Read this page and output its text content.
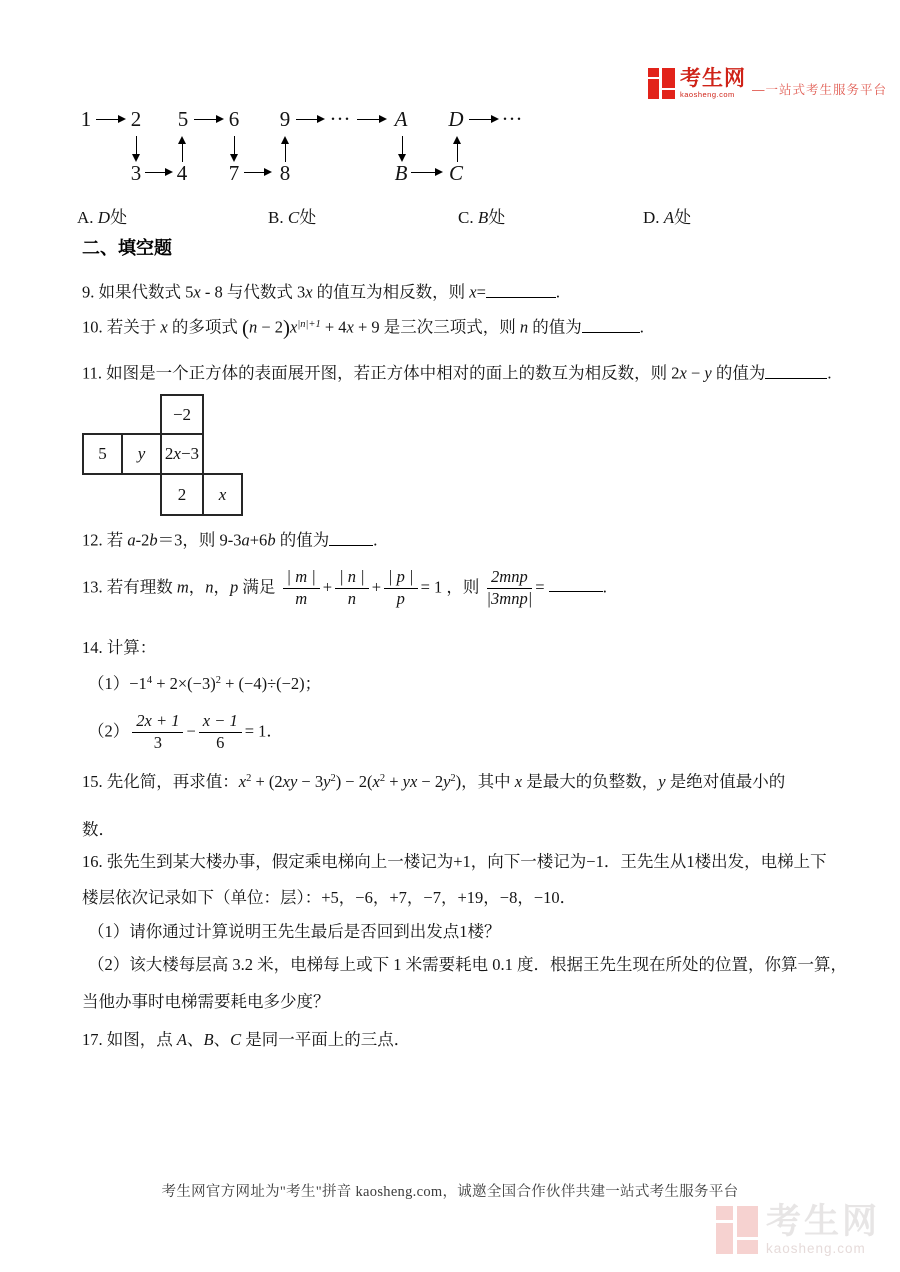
考生网
kaosheng.com	—一站式考生服务平台
1 2 5 6 9 ··· A D ···
3 4 7 8	B C
A. D处	B. C处	C. B处	D. A处
二、填空题
9. 如果代数式 5x - 8 与代数式 3x 的值互为相反数，则 x=	.
10. 若关于 x 的多项式 $(n - 2)x^{|n|+1} + 4x + 9$ 是三次三项式，则 n 的值为	.
11. 如图是一个正方体的表面展开图，若正方体中相对的面上的数互为相反数，则 2x − y 的值为	.
−2
5 y 2 x −3
2 x
12. 若 a-2b＝3，则 9-3a+6b 的值为	.
13. 若有理数 m，n，p 满足 $\frac{| m |}{m} + \frac{| n |}{n} + \frac{| p |}{p} = 1$ ，则 $\frac{\text{2mnp}}{\text{|3mnp|}}$ =	.
14. 计算：
$(1)-1^4 + 2\times(-3)^2 + (-4)\div(-2)$；
$(2) \frac{2x + 1}{3} - \frac{x - 1}{6} = 1$．
15. 先化简，再求值：$x^2 + (2xy - 3y^2) - 2(x^2$ + yx − $2y^2$)，其中 x 是最大的负整数，y 是绝对值最小的
数．
16. 张先生到某大楼办事，假定乘电梯向上一楼记为+1，向下一楼记为−1．王先生从1楼出发，电梯上下
楼层依次记录如下（单位：层）：+5，−6，+7，−7，+19，−8，−10．
（1）请你通过计算说明王先生最后是否回到出发点1楼？
（2）该大楼每层高 3.2 米，电梯每上或下 1 米需要耗电 0.1 度．根据王先生现在所处的位置，你算一算，
当他办事时电梯需要耗电多少度？
17. 如图，点 A、B、C 是同一平面上的三点．
考生网官方网址为"考生"拼音 kaosheng.com，诚邀全国合作伙伴共建一站式考生服务平台
考生网
kaosheng.com
